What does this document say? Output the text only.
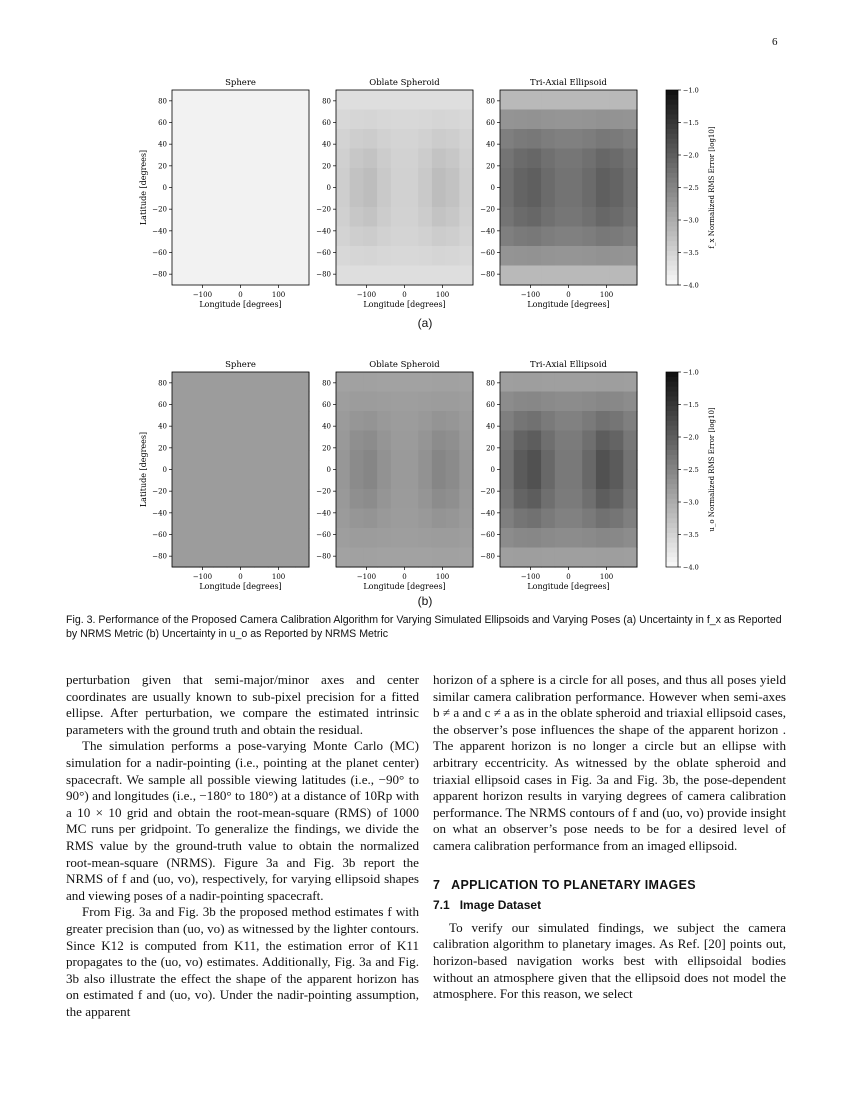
6
Sphere
−100	0	100
Longitude [degrees]
80
60
40
20
0
−20
−40
−60
−80
Latitude [degrees]
Oblate Spheroid
−100	0	100
Longitude [degrees]
80
60
40
20
0
−20
−40
−60
−80
Tri-Axial Ellipsoid
−100	0	100
Longitude [degrees]
80
60
40
20
0
−20
−40
−60
−80
−1.0
−1.5
−2.0
−2.5
−3.0
−3.5
−4.0
f_x Normalized RMS Error [log10]
(a)
Sphere
−100	0	100
Longitude [degrees]
80
60
40
20
0
−20
−40
−60
−80
Latitude [degrees]
Oblate Spheroid
−100	0	100
Longitude [degrees]
80
60
40
20
0
−20
−40
−60
−80
Tri-Axial Ellipsoid
−100	0	100
Longitude [degrees]
80
60
40
20
0
−20
−40
−60
−80
−1.0
−1.5
−2.0
−2.5
−3.0
−3.5
−4.0
u_o Normalized RMS Error [log10]
(b)
Fig. 3. Performance of the Proposed Camera Calibration Algorithm for Varying Simulated Ellipsoids and Varying Poses (a) Uncertainty in f_x as Reported by NRMS Metric (b) Uncertainty in u_o as Reported by NRMS Metric

perturbation given that semi-major/minor axes and center coordinates are usually known to sub-pixel precision for a fitted ellipse. After perturbation, we compare the estimated intrinsic parameters with the ground truth and obtain the residual.

The simulation performs a pose-varying Monte Carlo (MC) simulation for a nadir-pointing (i.e., pointing at the planet center) spacecraft. We sample all possible viewing latitudes (i.e., −90° to 90°) and longitudes (i.e., −180° to 180°) at a distance of 10Rp with a 10 × 10 grid and obtain the root-mean-square (RMS) of 1000 MC runs per gridpoint. To generalize the findings, we divide the RMS value by the ground-truth value to obtain the normalized root-mean-square (NRMS). Figure 3a and Fig. 3b report the NRMS of f and (uo, vo), respectively, for varying ellipsoid shapes and viewing poses of a nadir-pointing spacecraft.

From Fig. 3a and Fig. 3b the proposed method estimates f with greater precision than (uo, vo) as witnessed by the lighter contours. Since K12 is computed from K11, the estimation error of K11 propagates to the (uo, vo) estimates. Additionally, Fig. 3a and Fig. 3b also illustrate the effect the shape of the apparent horizon has on estimated f and (uo, vo). Under the nadir-pointing assumption, the apparent

horizon of a sphere is a circle for all poses, and thus all poses yield similar camera calibration performance. However when semi-axes b ≠ a and c ≠ a as in the oblate spheroid and triaxial ellipsoid cases, the observer’s pose influences the shape of the apparent horizon . The apparent horizon is no longer a circle but an ellipse with arbitrary eccentricity. As witnessed by the oblate spheroid and triaxial ellipsoid cases in Fig. 3a and Fig. 3b, the pose-dependent apparent horizon results in varying degrees of camera calibration performance. The NRMS contours of f and (uo, vo) provide insight on what an observer’s pose needs to be for a desired level of camera calibration performance from an imaged ellipsoid.

7 APPLICATION TO PLANETARY IMAGES
7.1 Image Dataset

To verify our simulated findings, we subject the camera calibration algorithm to planetary images. As Ref. [20] points out, horizon-based navigation works best with ellipsoidal bodies without an atmosphere given that the ellipsoid does not model the atmosphere. For this reason, we select
